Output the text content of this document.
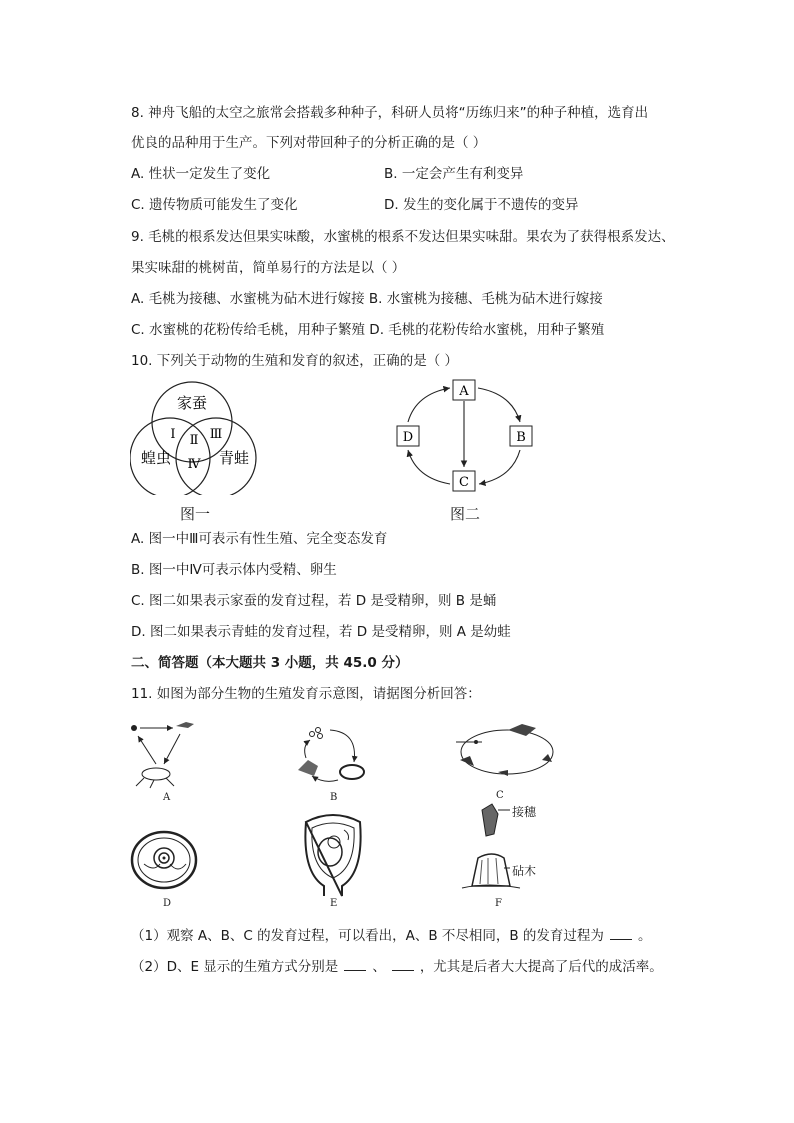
8. 神舟飞船的太空之旅常会搭载多种种子，科研人员将“历练归来”的种子种植，选育出
优良的品种用于生产。下列对带回种子的分析正确的是（ ）
A. 性状一定发生了变化	B. 一定会产生有利变异
C. 遗传物质可能发生了变化	D. 发生的变化属于不遗传的变异
9. 毛桃的根系发达但果实味酸，水蜜桃的根系不发达但果实味甜。果农为了获得根系发达、
果实味甜的桃树苗，简单易行的方法是以（ ）
A. 毛桃为接穗、水蜜桃为砧木进行嫁接 B. 水蜜桃为接穗、毛桃为砧木进行嫁接
C. 水蜜桃的花粉传给毛桃，用种子繁殖 D. 毛桃的花粉传给水蜜桃，用种子繁殖
10. 下列关于动物的生殖和发育的叙述，正确的是（ ）
家蚕
蝗虫	青蛙
Ⅰ Ⅱ Ⅲ
Ⅳ
图一
A
B
C
D
图二
A. 图一中Ⅲ可表示有性生殖、完全变态发育
B. 图一中Ⅳ可表示体内受精、卵生
C. 图二如果表示家蚕的发育过程，若 D 是受精卵，则 B 是蛹
D. 图二如果表示青蛙的发育过程，若 D 是受精卵，则 A 是幼蛙
二、简答题（本大题共 3 小题，共 45.0 分）
11. 如图为部分生物的生殖发育示意图，请据图分析回答：
A	B	C
D	E
接穗
砧木
F
（1）观察 A、B、C 的发育过程，可以看出，A、B 不尽相同，B 的发育过程为	。
（2）D、E 显示的生殖方式分别是	、	，尤其是后者大大提高了后代的成活率。
